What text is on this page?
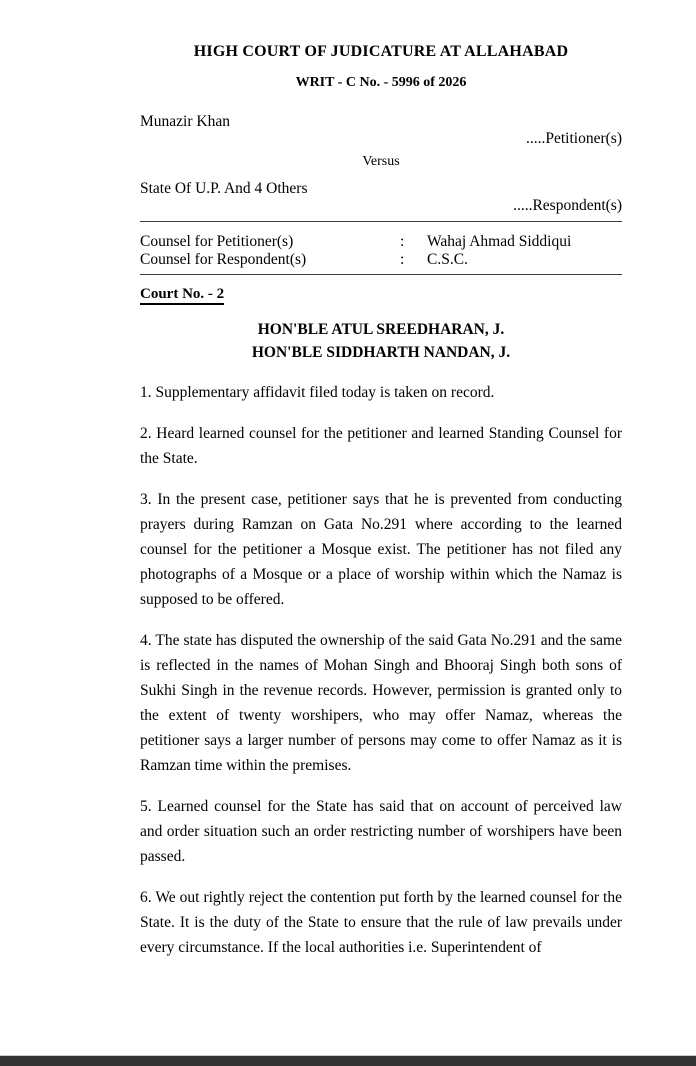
HIGH COURT OF JUDICATURE AT ALLAHABAD
WRIT - C No. - 5996 of 2026
Munazir Khan
.....Petitioner(s)
Versus
State Of U.P. And 4 Others
.....Respondent(s)
Counsel for Petitioner(s)	:	Wahaj Ahmad Siddiqui
Counsel for Respondent(s)	:	C.S.C.
Court No. - 2
HON'BLE ATUL SREEDHARAN, J.
HON'BLE SIDDHARTH NANDAN, J.

1. Supplementary affidavit filed today is taken on record.

2. Heard learned counsel for the petitioner and learned Standing Counsel for the State.

3. In the present case, petitioner says that he is prevented from conducting prayers during Ramzan on Gata No.291 where according to the learned counsel for the petitioner a Mosque exist. The petitioner has not filed any photographs of a Mosque or a place of worship within which the Namaz is supposed to be offered.

4. The state has disputed the ownership of the said Gata No.291 and the same is reflected in the names of Mohan Singh and Bhooraj Singh both sons of Sukhi Singh in the revenue records. However, permission is granted only to the extent of twenty worshipers, who may offer Namaz, whereas the petitioner says a larger number of persons may come to offer Namaz as it is Ramzan time within the premises.

5. Learned counsel for the State has said that on account of perceived law and order situation such an order restricting number of worshipers have been passed.

6. We out rightly reject the contention put forth by the learned counsel for the State. It is the duty of the State to ensure that the rule of law prevails under every circumstance. If the local authorities i.e. Superintendent of
